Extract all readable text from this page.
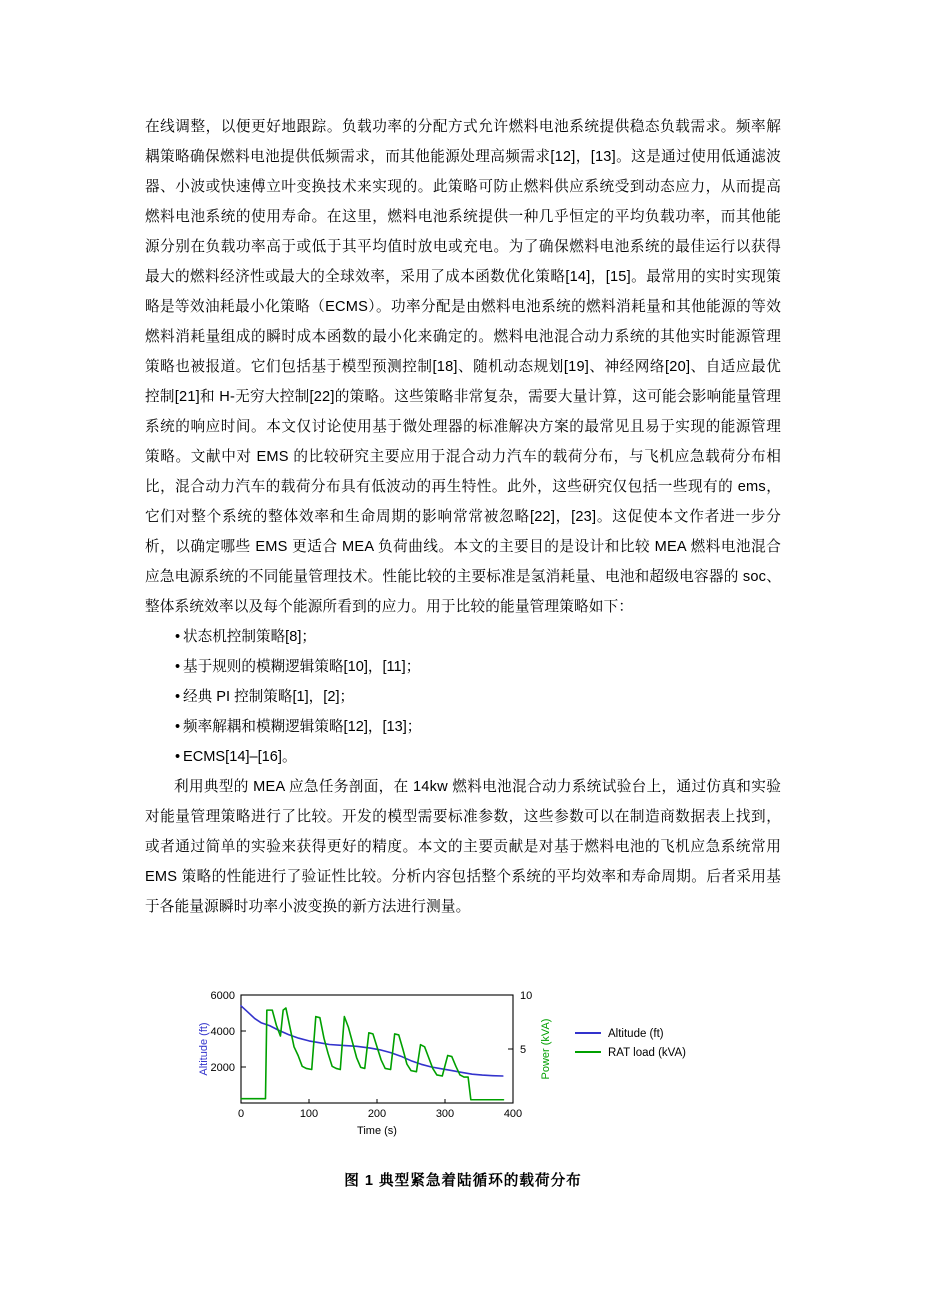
在线调整，以便更好地跟踪。负载功率的分配方式允许燃料电池系统提供稳态负载需求。频率解耦策略确保燃料电池提供低频需求，而其他能源处理高频需求[12]，[13]。这是通过使用低通滤波器、小波或快速傅立叶变换技术来实现的。此策略可防止燃料供应系统受到动态应力，从而提高燃料电池系统的使用寿命。在这里，燃料电池系统提供一种几乎恒定的平均负载功率，而其他能源分别在负载功率高于或低于其平均值时放电或充电。为了确保燃料电池系统的最佳运行以获得最大的燃料经济性或最大的全球效率，采用了成本函数优化策略[14]，[15]。最常用的实时实现策略是等效油耗最小化策略（ECMS）。功率分配是由燃料电池系统的燃料消耗量和其他能源的等效燃料消耗量组成的瞬时成本函数的最小化来确定的。燃料电池混合动力系统的其他实时能源管理策略也被报道。它们包括基于模型预测控制[18]、随机动态规划[19]、神经网络[20]、自适应最优控制[21]和 H-无穷大控制[22]的策略。这些策略非常复杂，需要大量计算，这可能会影响能量管理系统的响应时间。本文仅讨论使用基于微处理器的标准解决方案的最常见且易于实现的能源管理策略。文献中对 EMS 的比较研究主要应用于混合动力汽车的载荷分布，与飞机应急载荷分布相比，混合动力汽车的载荷分布具有低波动的再生特性。此外，这些研究仅包括一些现有的 ems，它们对整个系统的整体效率和生命周期的影响常常被忽略[22]，[23]。这促使本文作者进一步分析，以确定哪些 EMS 更适合 MEA 负荷曲线。本文的主要目的是设计和比较 MEA 燃料电池混合应急电源系统的不同能量管理技术。性能比较的主要标准是氢消耗量、电池和超级电容器的 soc、整体系统效率以及每个能源所看到的应力。用于比较的能量管理策略如下：

• 状态机控制策略[8]；
• 基于规则的模糊逻辑策略[10]，[11]；
• 经典 PI 控制策略[1]，[2]；
• 频率解耦和模糊逻辑策略[12]，[13]；
• ECMS[14]–[16]。

利用典型的 MEA 应急任务剖面，在 14kw 燃料电池混合动力系统试验台上，通过仿真和实验对能量管理策略进行了比较。开发的模型需要标准参数，这些参数可以在制造商数据表上找到，或者通过简单的实验来获得更好的精度。本文的主要贡献是对基于燃料电池的飞机应急系统常用 EMS 策略的性能进行了验证性比较。分析内容包括整个系统的平均效率和寿命周期。后者采用基于各能量源瞬时功率小波变换的新方法进行测量。

0	100	200	300	400
2000
4000
6000
5
10
Time (s)
Altitude (ft)	Power (kVA)	Altitude (ft)
RAT load (kVA)
图 1 典型紧急着陆循环的载荷分布
